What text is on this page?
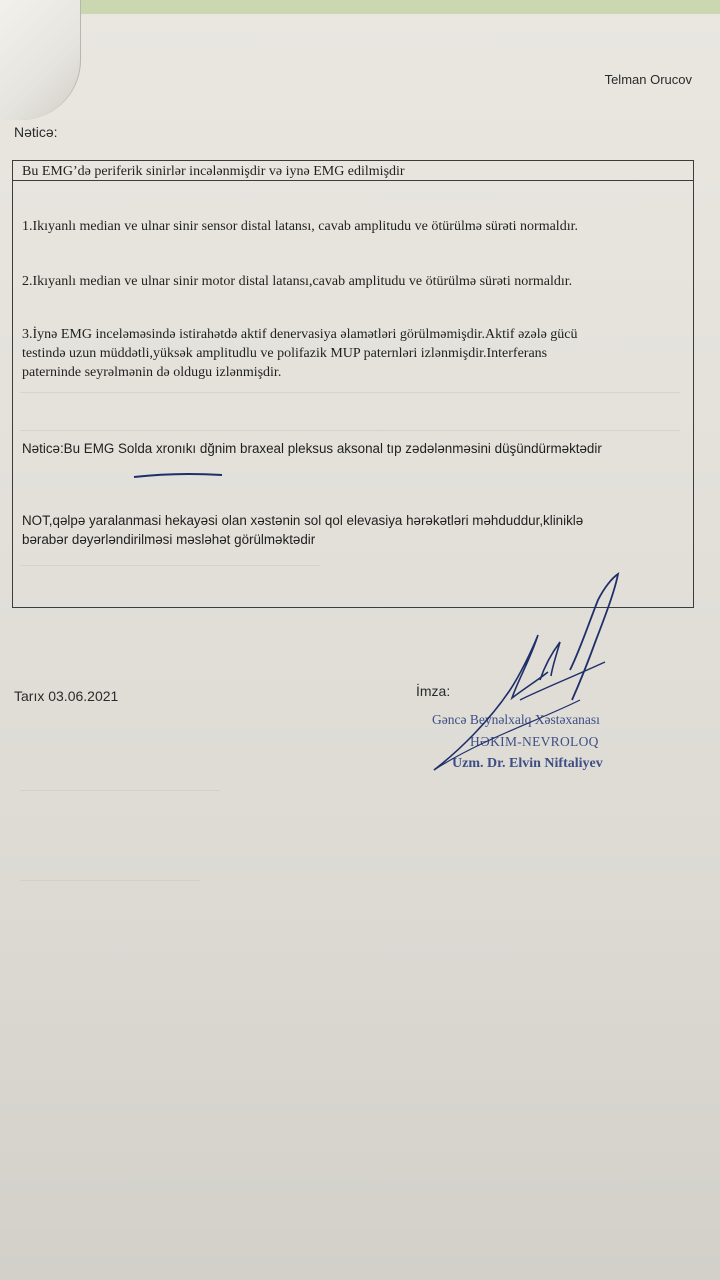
Telman Orucov
Nəticə:
Bu EMG’də periferik sinirlər incələnmişdir və iynə EMG edilmişdir
1.Ikıyanlı median ve ulnar sinir sensor distal latansı, cavab amplitudu ve ötürülmə sürəti normaldır.
2.Ikıyanlı median ve ulnar sinir motor distal latansı,cavab amplitudu ve ötürülmə sürəti normaldır.
3.İynə EMG inceləməsində istirahətdə aktif denervasiya əlamətləri görülməmişdir.Aktif əzələ gücü
testində uzun müddətli,yüksək amplitudlu ve polifazik MUP paternləri izlənmişdir.Interferans
paterninde seyrəlmənin də oldugu izlənmişdir.
Nəticə:Bu EMG Solda xronıkı dğnim braxeal pleksus aksonal tıp zədələnməsini düşündürməktədir
NOT,qəlpə yaralanmasi hekayəsi olan xəstənin sol qol elevasiya hərəkətləri məhduddur,kliniklə
bərabər dəyərləndirilməsi məsləhət görülməktədir
Tarıx 03.06.2021	İmza:
Gəncə Beynəlxalq Xəstəxanası
HƏKIM-NEVROLOQ
Uzm. Dr. Elvin Niftaliyev
